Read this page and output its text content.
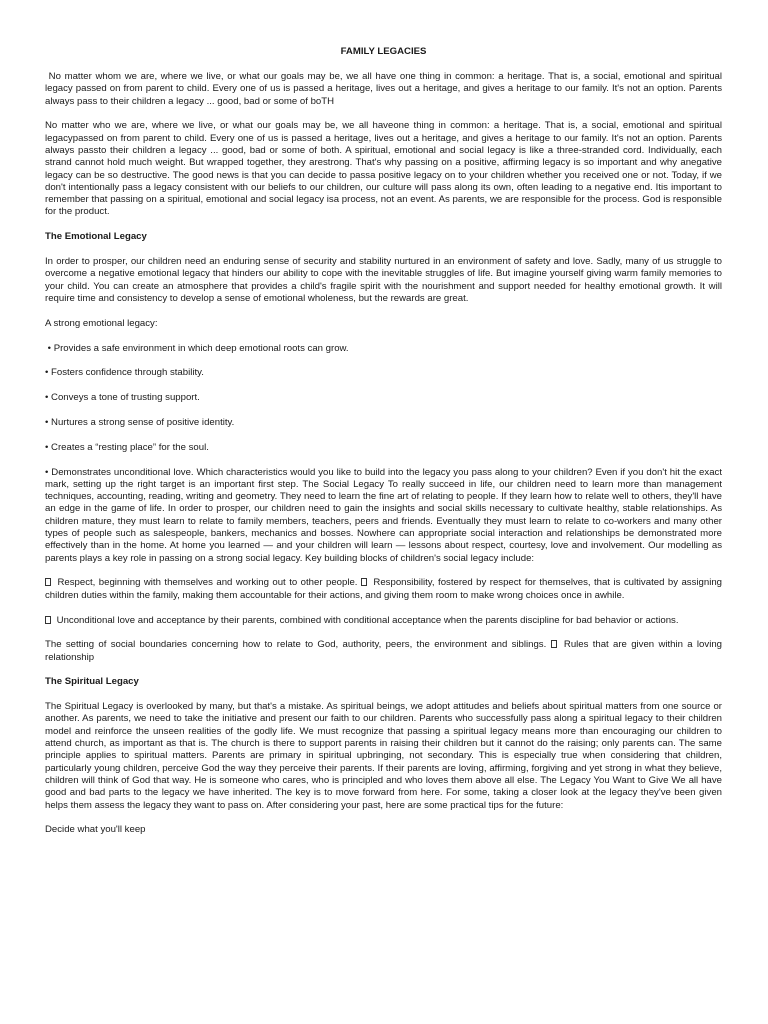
FAMILY LEGACIES

No matter whom we are, where we live, or what our goals may be, we all have one thing in common: a heritage. That is, a social, emotional and spiritual legacy passed on from parent to child. Every one of us is passed a heritage, lives out a heritage, and gives a heritage to our family. It's not an option. Parents always pass to their children a legacy ... good, bad or some of boTH

No matter who we are, where we live, or what our goals may be, we all haveone thing in common: a heritage. That is, a social, emotional and spiritual legacypassed on from parent to child. Every one of us is passed a heritage, lives out a heritage, and gives a heritage to our family. It's not an option. Parents always passto their children a legacy ... good, bad or some of both. A spiritual, emotional and social legacy is like a three-stranded cord. Individually, each strand cannot hold much weight. But wrapped together, they arestrong. That's why passing on a positive, affirming legacy is so important and why anegative legacy can be so destructive. The good news is that you can decide to passa positive legacy on to your children whether you received one or not. Today, if we don't intentionally pass a legacy consistent with our beliefs to our children, our culture will pass along its own, often leading to a negative end. Itis important to remember that passing on a spiritual, emotional and social legacy isa process, not an event. As parents, we are responsible for the process. God is responsible for the product.

The Emotional Legacy

In order to prosper, our children need an enduring sense of security and stability nurtured in an environment of safety and love. Sadly, many of us struggle to overcome a negative emotional legacy that hinders our ability to cope with the inevitable struggles of life. But imagine yourself giving warm family memories to your child. You can create an atmosphere that provides a child's fragile spirit with the nourishment and support needed for healthy emotional growth. It will require time and consistency to develop a sense of emotional wholeness, but the rewards are great.

A strong emotional legacy:

• Provides a safe environment in which deep emotional roots can grow.
• Fosters confidence through stability.
• Conveys a tone of trusting support.
• Nurtures a strong sense of positive identity.
• Creates a “resting place” for the soul.

• Demonstrates unconditional love. Which characteristics would you like to build into the legacy you pass along to your children? Even if you don't hit the exact mark, setting up the right target is an important first step. The Social Legacy To really succeed in life, our children need to learn more than management techniques, accounting, reading, writing and geometry. They need to learn the fine art of relating to people. If they learn how to relate well to others, they'll have an edge in the game of life. In order to prosper, our children need to gain the insights and social skills necessary to cultivate healthy, stable relationships. As children mature, they must learn to relate to family members, teachers, peers and friends. Eventually they must learn to relate to co-workers and many other types of people such as salespeople, bankers, mechanics and bosses. Nowhere can appropriate social interaction and relationships be demonstrated more effectively than in the home. At home you learned — and your children will learn — lessons about respect, courtesy, love and involvement. Our modelling as parents plays a key role in passing on a strong social legacy. Key building blocks of children's social legacy include:

Respect, beginning with themselves and working out to other people.  Responsibility, fostered by respect for themselves, that is cultivated by assigning children duties within the family, making them accountable for their actions, and giving them room to make wrong choices once in awhile.

Unconditional love and acceptance by their parents, combined with conditional acceptance when the parents discipline for bad behavior or actions.

The setting of social boundaries concerning how to relate to God, authority, peers, the environment and siblings.  Rules that are given within a loving relationship

The Spiritual Legacy

The Spiritual Legacy is overlooked by many, but that's a mistake. As spiritual beings, we adopt attitudes and beliefs about spiritual matters from one source or another. As parents, we need to take the initiative and present our faith to our children. Parents who successfully pass along a spiritual legacy to their children model and reinforce the unseen realities of the godly life. We must recognize that passing a spiritual legacy means more than encouraging our children to attend church, as important as that is. The church is there to support parents in raising their children but it cannot do the raising; only parents can. The same principle applies to spiritual matters. Parents are primary in spiritual upbringing, not secondary. This is especially true when considering that children, particularly young children, perceive God the way they perceive their parents. If their parents are loving, affirming, forgiving and yet strong in what they believe, children will think of God that way. He is someone who cares, who is principled and who loves them above all else. The Legacy You Want to Give We all have good and bad parts to the legacy we have inherited. The key is to move forward from here. For some, taking a closer look at the legacy they've been given helps them assess the legacy they want to pass on. After considering your past, here are some practical tips for the future:

Decide what you'll keep
